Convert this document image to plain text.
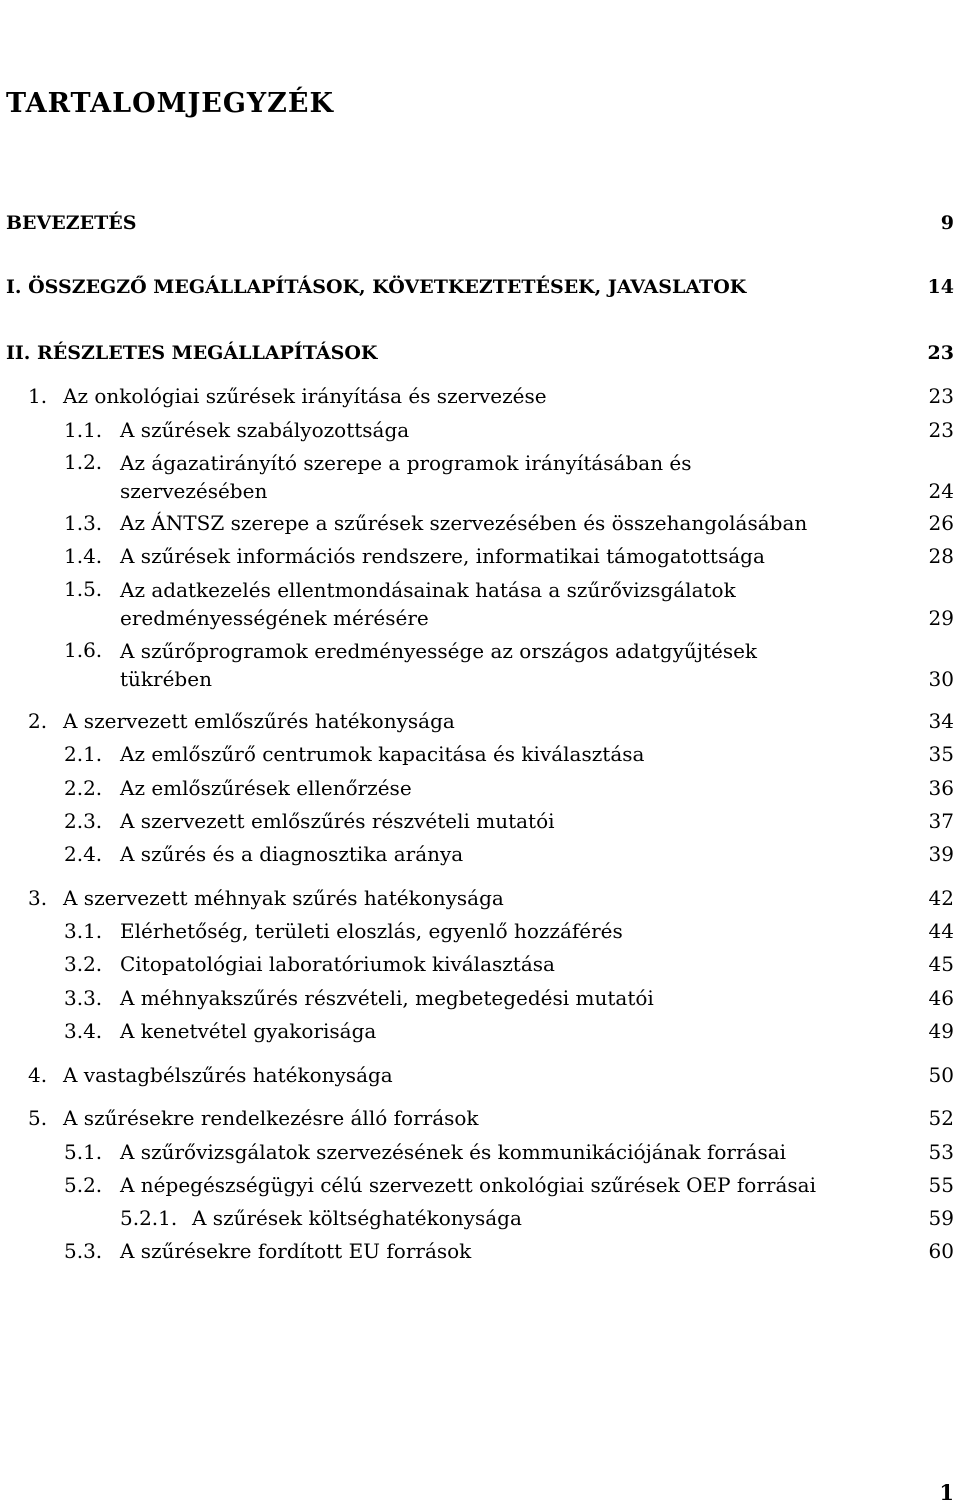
TARTALOMJEGYZÉK
BEVEZETÉS	9
I. ÖSSZEGZŐ MEGÁLLAPÍTÁSOK, KÖVETKEZTETÉSEK, JAVASLATOK	14
II. RÉSZLETES MEGÁLLAPÍTÁSOK	23
1. Az onkológiai szűrések irányítása és szervezése	23
1.1. A szűrések szabályozottsága	23
1.2. Az ágazatirányító szerepe a programok irányításában és szervezésében	24
1.3. Az ÁNTSZ szerepe a szűrések szervezésében és összehangolásában	26
1.4. A szűrések információs rendszere, informatikai támogatottsága	28
1.5. Az adatkezelés ellentmondásainak hatása a szűrővizsgálatok eredményességének mérésére	29
1.6. A szűrőprogramok eredményessége az országos adatgyűjtések tükrében	30
2. A szervezett emlőszűrés hatékonysága	34
2.1. Az emlőszűrő centrumok kapacitása és kiválasztása	35
2.2. Az emlőszűrések ellenőrzése	36
2.3. A szervezett emlőszűrés részvételi mutatói	37
2.4. A szűrés és a diagnosztika aránya	39
3. A szervezett méhnyak szűrés hatékonysága	42
3.1. Elérhetőség, területi eloszlás, egyenlő hozzáférés	44
3.2. Citopatológiai laboratóriumok kiválasztása	45
3.3. A méhnyakszűrés részvételi, megbetegedési mutatói	46
3.4. A kenetvétel gyakorisága	49
4. A vastagbélszűrés hatékonysága	50
5. A szűrésekre rendelkezésre álló források	52
5.1. A szűrővizsgálatok szervezésének és kommunikációjának forrásai	53
5.2. A népegészségügyi célú szervezett onkológiai szűrések OEP forrásai	55
5.2.1. A szűrések költséghatékonysága	59
5.3. A szűrésekre fordított EU források	60
1
